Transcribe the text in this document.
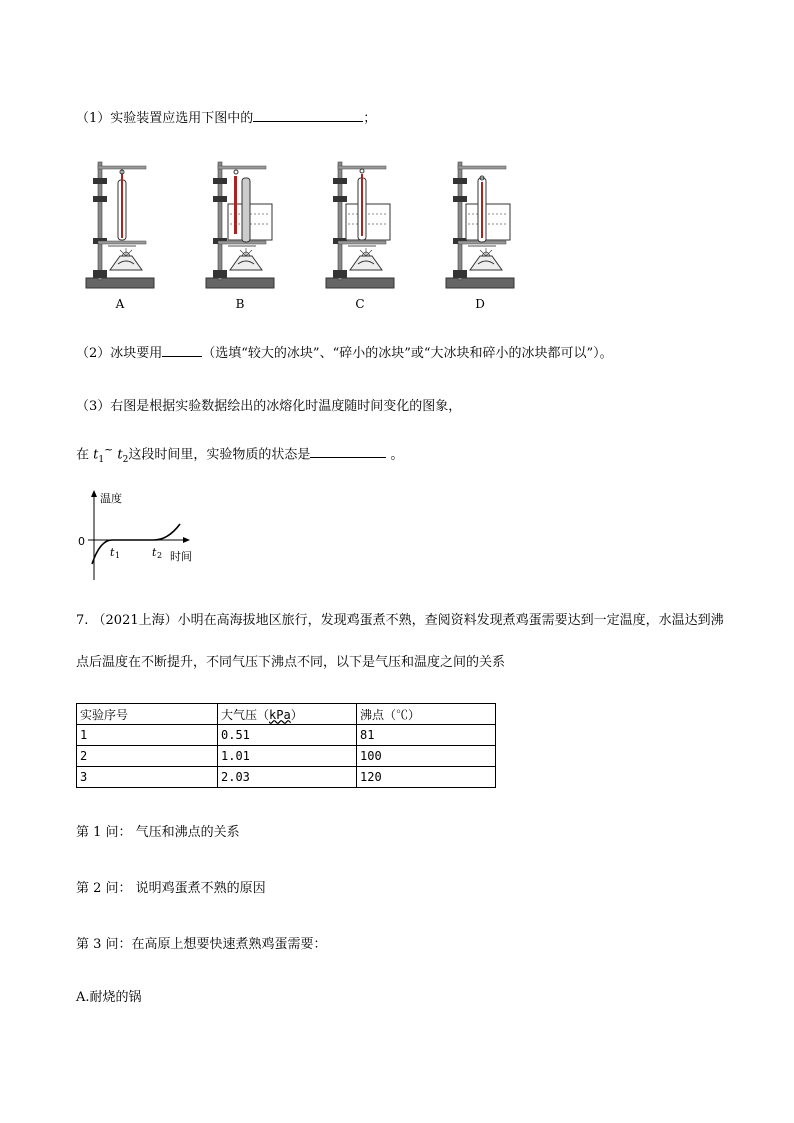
（1）实验装置应选用下图中的	；
A	B	C	D
（2）冰块要用	（选填“较大的冰块”、“碎小的冰块”或“大冰块和碎小的冰块都可以”）。
（3）右图是根据实验数据绘出的冰熔化时温度随时间变化的图象，
在 $t_1^\sim$ $t_2$这段时间里，实验物质的状态是	。
温度
0
t 1	t 2 时间
7. （2021上海）小明在高海拔地区旅行，发现鸡蛋煮不熟，查阅资料发现煮鸡蛋需要达到一定温度，水温达到沸
点后温度在不断提升，不同气压下沸点不同，以下是气压和温度之间的关系
实验序号	大气压（kPa）	沸点（℃）
1	0.51	81
2	1.01	100
3	2.03	120
第 1 问： 气压和沸点的关系
第 2 问： 说明鸡蛋煮不熟的原因
第 3 问：在高原上想要快速煮熟鸡蛋需要：
A.耐烧的锅
